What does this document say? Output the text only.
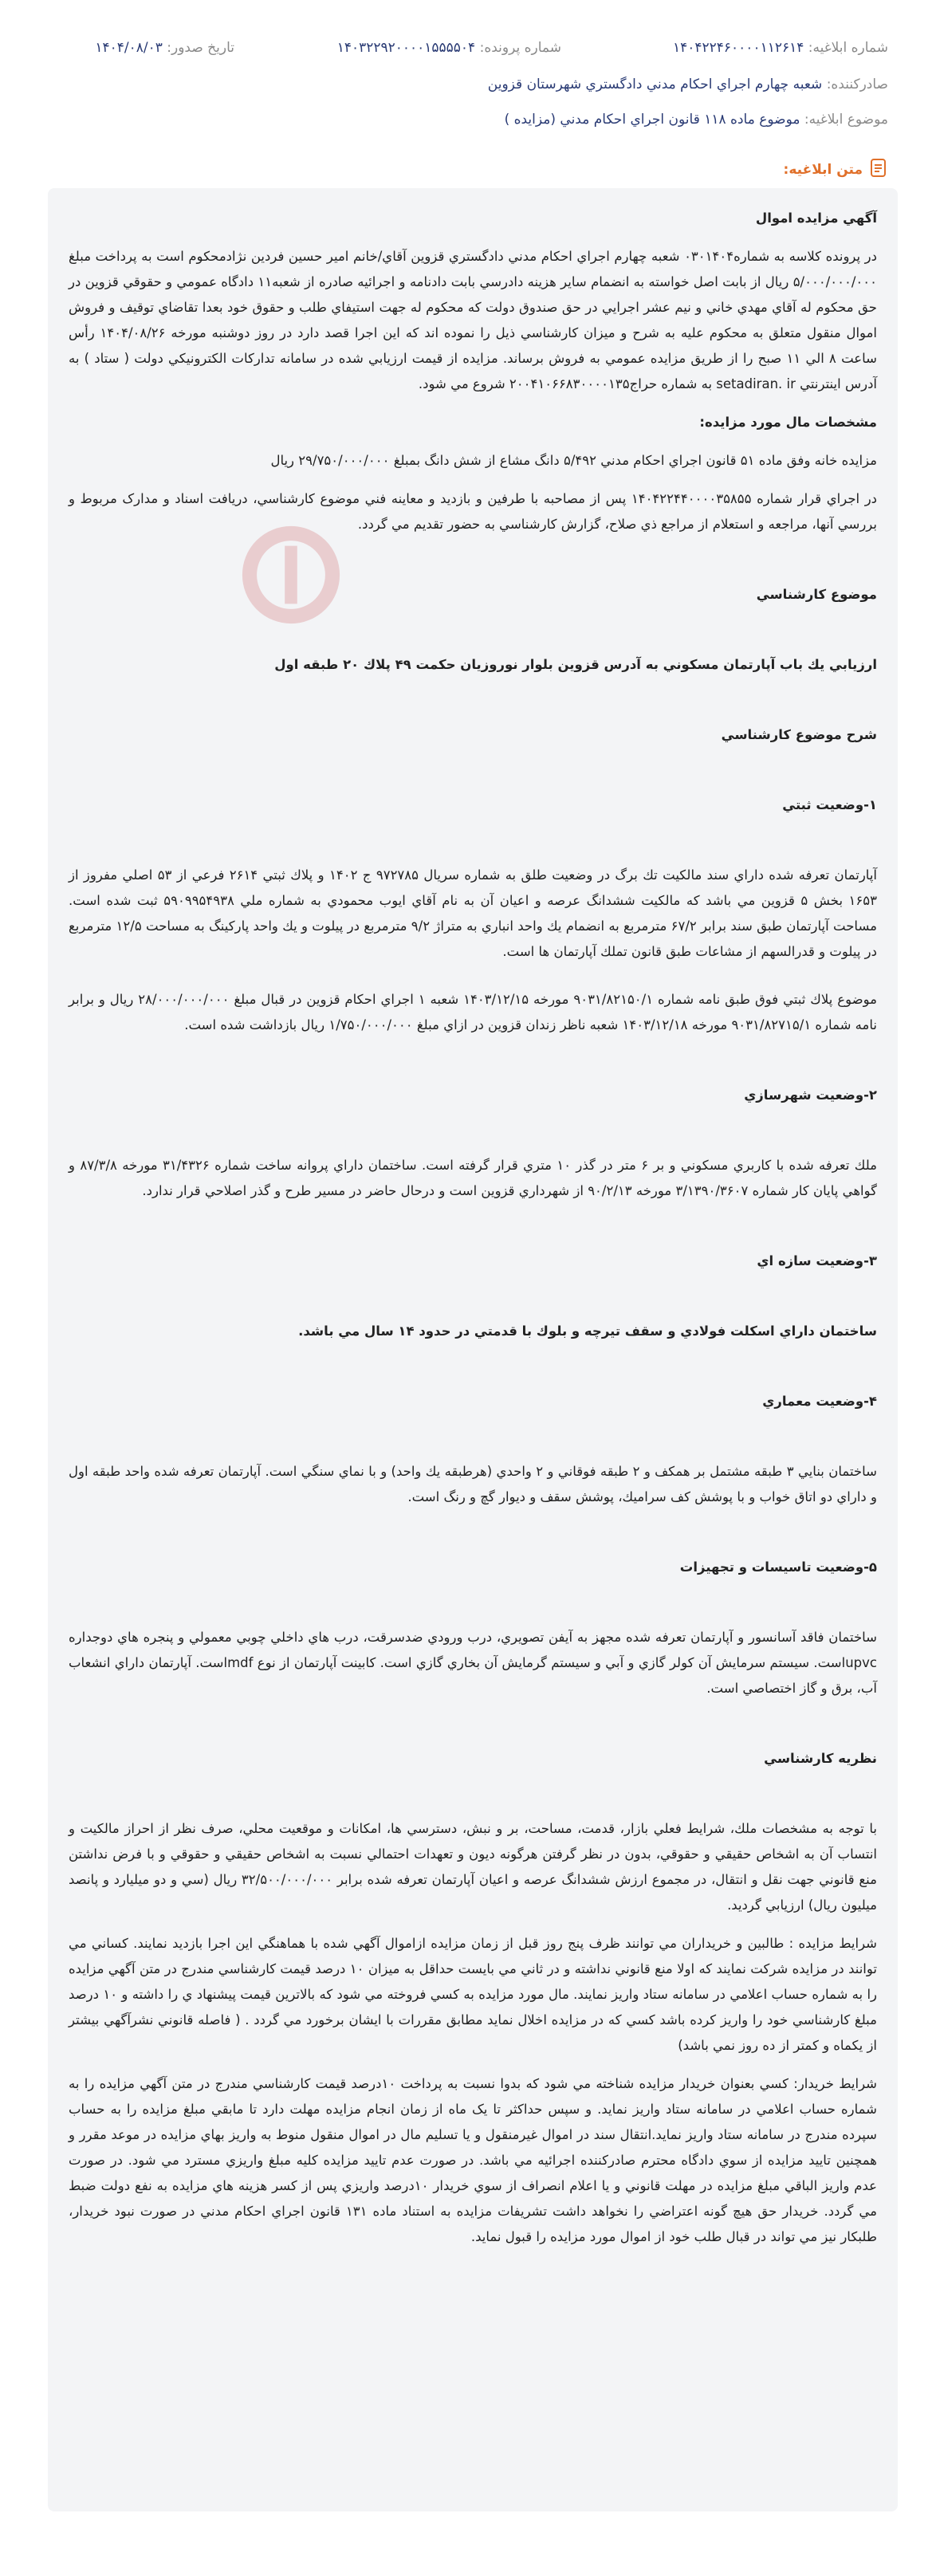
شماره ابلاغيه: ۱۴۰۴۲۲۴۶۰۰۰۰۱۱۲۶۱۴
شماره پرونده: ۱۴۰۳۲۲۹۲۰۰۰۰۱۵۵۵۵۰۴
تاريخ صدور: ۱۴۰۴/۰۸/۰۳
صادرکننده: شعبه چهارم اجراي احکام مدني دادگستري شهرستان قزوين
موضوع ابلاغيه: موضوع ماده ۱۱۸ قانون اجراي احکام مدني (مزايده )
متن ابلاغيه:

آگهي مزايده اموال

در پرونده کلاسه به شماره۰۳۰۱۴۰۴ شعبه چهارم اجراي احکام مدني دادگستري قزوين آقاي/خانم امير حسين فردين نژادمحکوم است به پرداخت مبلغ ۵/۰۰۰/۰۰۰/۰۰۰ ريال از بابت اصل خواسته به انضمام ساير هزينه دادرسي بابت دادنامه و اجرائيه صادره از شعبه۱۱ دادگاه عمومي و حقوقي قزوين در حق محکوم له آقاي مهدي خاني و نيم عشر اجرايي در حق صندوق دولت که محکوم له جهت استيفاي طلب و حقوق خود بعدا تقاضاي توقيف و فروش اموال منقول متعلق به محکوم عليه به شرح و ميزان کارشناسي ذيل را نموده اند که اين اجرا قصد دارد در روز دوشنبه مورخه ۱۴۰۴/۰۸/۲۶ رأس ساعت ۸ الي ۱۱ صبح را از طريق مزايده عمومي به فروش برساند. مزايده از قيمت ارزيابي شده در سامانه تدارکات الکترونيکي دولت ( ستاد ) به آدرس اينترنتي setadiran. ir به شماره حراج۲۰۰۴۱۰۶۶۸۳۰۰۰۰۱۳۵ شروع مي شود.

مشخصات مال مورد مزايده:

مزايده خانه وفق ماده ۵۱ قانون اجراي احکام مدني ۵/۴۹۲ دانگ مشاع از شش دانگ بمبلغ ۲۹/۷۵۰/۰۰۰/۰۰۰ ريال

در اجراي قرار شماره ۱۴۰۴۲۲۴۴۰۰۰۰۳۵۸۵۵ پس از مصاحبه با طرفين و بازديد و معاينه فني موضوع کارشناسي، دريافت اسناد و مدارک مربوط و بررسي آنها، مراجعه و استعلام از مراجع ذي صلاح، گزارش کارشناسي به حضور تقديم مي گردد.

موضوع کارشناسي

ارزيابي يك باب آپارتمان مسكوني به آدرس قزوين بلوار نوروزيان حکمت ۴۹ پلاك ۲۰ طبقه اول

شرح موضوع کارشناسي

۱-وضعيت ثبتي

آپارتمان تعرفه شده داراي سند مالکيت تك برگ در وضعيت طلق به شماره سريال ۹۷۲۷۸۵ ج ۱۴۰۲ و پلاك ثبتي ۲۶۱۴ فرعي از ۵۳ اصلي مفروز از ۱۶۵۳ بخش ۵ قزوين مي باشد كه مالكيت ششدانگ عرصه و اعيان آن به نام آقاي ايوب محمودي به شماره ملي ۵۹۰۹۹۵۴۹۳۸ ثبت شده است. مساحت آپارتمان طبق سند برابر ۶۷/۲ مترمربع به انضمام يك واحد انباري به متراژ ۹/۲ مترمربع در پيلوت و يك واحد پاركينگ به مساحت ۱۲/۵ مترمربع در پيلوت و قدرالسهم از مشاعات طبق قانون تملك آپارتمان ها است.

موضوع پلاك ثبتي فوق طبق نامه شماره ۹۰۳۱/۸۲۱۵۰/۱ مورخه ۱۴۰۳/۱۲/۱۵ شعبه ۱ اجراي احكام قزوين در قبال مبلغ ۲۸/۰۰۰/۰۰۰/۰۰۰ ريال و برابر نامه شماره ۹۰۳۱/۸۲۷۱۵/۱ مورخه ۱۴۰۳/۱۲/۱۸ شعبه ناظر زندان قزوين در ازاي مبلغ ۱/۷۵۰/۰۰۰/۰۰۰ ريال بازداشت شده است.

۲-وضعيت شهرسازي

ملك تعرفه شده با كاربري مسكوني و بر ۶ متر در گذر ۱۰ متري قرار گرفته است. ساختمان داراي پروانه ساخت شماره ۳۱/۴۳۲۶ مورخه ۸۷/۳/۸ و گواهي پايان كار شماره ۳/۱۳۹۰/۳۶۰۷ مورخه ۹۰/۲/۱۳ از شهرداري قزوين است و درحال حاضر در مسير طرح و گذر اصلاحي قرار ندارد.

۳-وضعيت سازه اي

ساختمان داراي اسكلت فولادي و سقف تيرچه و بلوك با قدمتي در حدود ۱۴ سال مي باشد.

۴-وضعيت معماري

ساختمان بنايي ۳ طبقه مشتمل بر همكف و ۲ طبقه فوقاني و ۲ واحدي (هرطبقه يك واحد) و با نماي سنگي است. آپارتمان تعرفه شده واحد طبقه اول و داراي دو اتاق خواب و با پوشش كف سراميك، پوشش سقف و ديوار گچ و رنگ است.

۵-وضعيت تاسيسات و تجهيزات

ساختمان فاقد آسانسور و آپارتمان تعرفه شده مجهز به آيفن تصويري، درب ورودي ضدسرقت، درب هاي داخلي چوبي معمولي و پنجره هاي دوجداره upvcاست. سيستم سرمايش آن كولر گازي و آبي و سيستم گرمايش آن بخاري گازي است. كابينت آپارتمان از نوع mdfاست. آپارتمان داراي انشعاب آب، برق و گاز اختصاصي است.

نظريه كارشناسي

با توجه به مشخصات ملك، شرايط فعلي بازار، قدمت، مساحت، بر و نبش، دسترسي ها، امكانات و موقعيت محلي، صرف نظر از احراز مالكيت و انتساب آن به اشخاص حقيقي و حقوقي، بدون در نظر گرفتن هرگونه ديون و تعهدات احتمالي نسبت به اشخاص حقيقي و حقوقي و با فرض نداشتن منع قانوني جهت نقل و انتقال، در مجموع ارزش ششدانگ عرصه و اعيان آپارتمان تعرفه شده برابر ۳۲/۵۰۰/۰۰۰/۰۰۰ ريال (سي و دو ميليارد و پانصد ميليون ريال) ارزيابي گرديد.

شرايط مزايده : طالبين و خريداران مي توانند ظرف پنج روز قبل از زمان مزايده ازاموال آگهي شده با هماهنگي اين اجرا بازديد نمايند. کساني مي توانند در مزايده شرکت نمايند که اولا منع قانوني نداشته و در ثاني مي بايست حداقل به ميزان ۱۰ درصد قيمت کارشناسي مندرج در متن آگهي مزايده را به شماره حساب اعلامي در سامانه ستاد واريز نمايند. مال مورد مزايده به کسي فروخته مي شود که بالاترين قيمت پيشنهاد ي را داشته و ۱۰ درصد مبلغ کارشناسي خود را واريز کرده باشد کسي که در مزايده اخلال نمايد مطابق مقررات با ايشان برخورد مي گردد . ( فاصله قانوني نشرآگهي بيشتر از يکماه و کمتر از ده روز نمي باشد)

شرايط خريدار: کسي بعنوان خريدار مزايده شناخته مي شود که بدوا نسبت به پرداخت ۱۰درصد قيمت کارشناسي مندرج در متن آگهي مزايده را به شماره حساب اعلامي در سامانه ستاد واريز نمايد. و سپس حداکثر تا يک ماه از زمان انجام مزايده مهلت دارد تا مابقي مبلغ مزايده را به حساب سپرده مندرج در سامانه ستاد واريز نمايد.انتقال سند در اموال غيرمنقول و يا تسليم مال در اموال منقول منوط به واريز بهاي مزايده در موعد مقرر و همچنين تاييد مزايده از سوي دادگاه محترم صادرکننده اجرائيه مي باشد. در صورت عدم تاييد مزايده کليه مبلغ واريزي مسترد مي شود. در صورت عدم واريز الباقي مبلغ مزايده در مهلت قانوني و يا اعلام انصراف از سوي خريدار ۱۰درصد واريزي پس از کسر هزينه هاي مزايده به نفع دولت ضبط مي گردد. خريدار حق هيچ گونه اعتراضي را نخواهد داشت تشريفات مزايده به استناد ماده ۱۳۱ قانون اجراي احکام مدني در صورت نبود خريدار، طلبکار نيز مي تواند در قبال طلب خود از اموال مورد مزايده را قبول نمايد.
